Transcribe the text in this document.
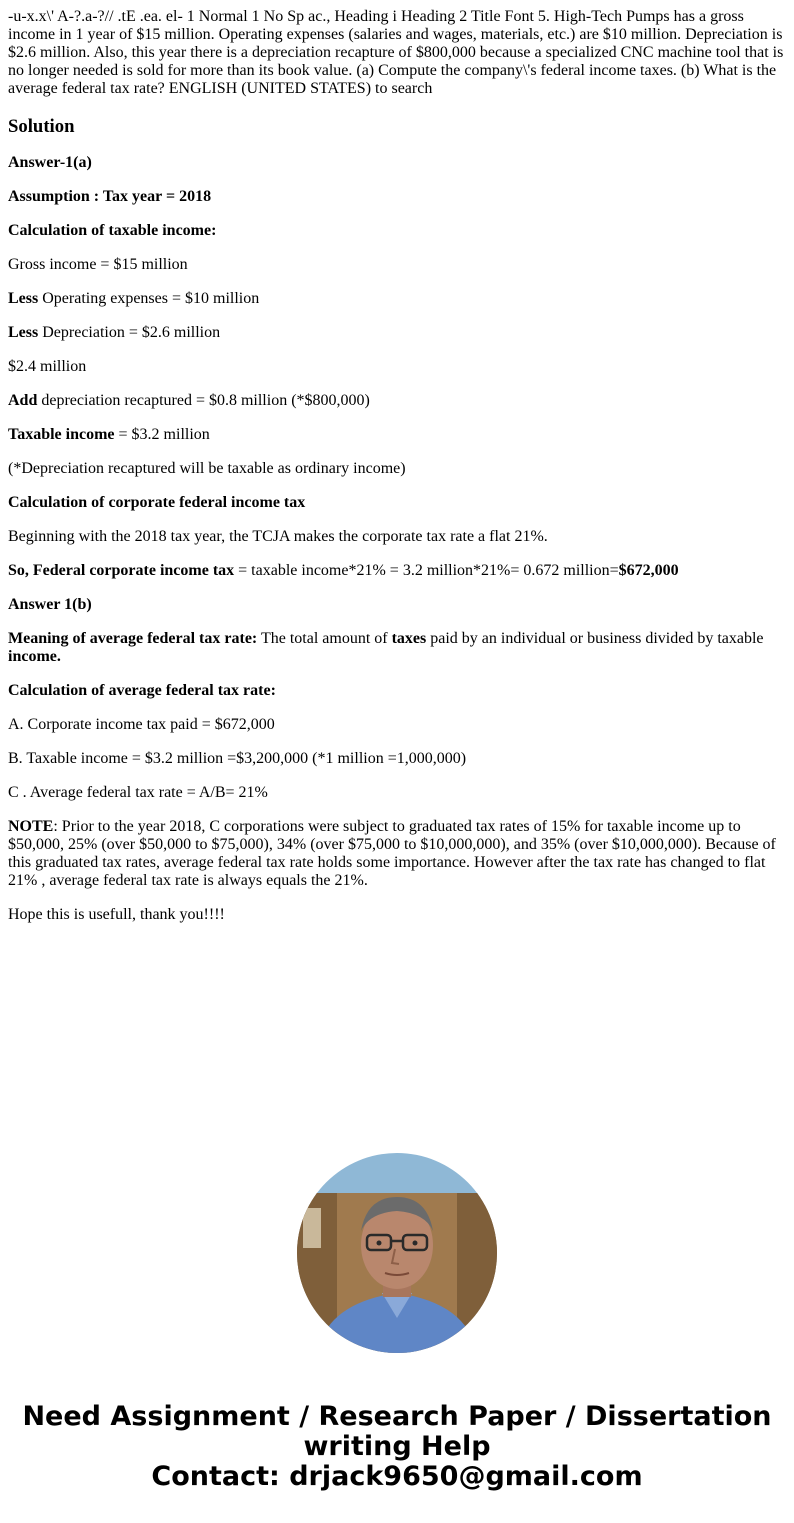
-u-x.x\' A-?.a-?// .tE .ea. el- 1 Normal 1 No Sp ac., Heading i Heading 2 Title Font 5. High-Tech Pumps has a gross income in 1 year of $15 million. Operating expenses (salaries and wages, materials, etc.) are $10 million. Depreciation is $2.6 million. Also, this year there is a depreciation recapture of $800,000 because a specialized CNC machine tool that is no longer needed is sold for more than its book value. (a) Compute the company\'s federal income taxes. (b) What is the average federal tax rate? ENGLISH (UNITED STATES) to search
Solution

Answer-1(a)

Assumption : Tax year = 2018

Calculation of taxable income:

Gross income = $15 million

Less Operating expenses = $10 million

Less Depreciation = $2.6 million

$2.4 million

Add depreciation recaptured = $0.8 million (*$800,000)

Taxable income = $3.2 million

(*Depreciation recaptured will be taxable as ordinary income)

Calculation of corporate federal income tax

Beginning with the 2018 tax year, the TCJA makes the corporate tax rate a flat 21%.

So, Federal corporate income tax = taxable income*21% = 3.2 million*21%= 0.672 million=$672,000

Answer 1(b)

Meaning of average federal tax rate: The total amount of taxes paid by an individual or business divided by taxable income.

Calculation of average federal tax rate:

A. Corporate income tax paid = $672,000

B. Taxable income = $3.2 million =$3,200,000 (*1 million =1,000,000)

C . Average federal tax rate = A/B= 21%

NOTE: Prior to the year 2018, C corporations were subject to graduated tax rates of 15% for taxable income up to $50,000, 25% (over $50,000 to $75,000), 34% (over $75,000 to $10,000,000), and 35% (over $10,000,000). Because of this graduated tax rates, average federal tax rate holds some importance. However after the tax rate has changed to flat 21% , average federal tax rate is always equals the 21%.

Hope this is usefull, thank you!!!!

Need Assignment / Research Paper / Dissertation
writing Help
Contact: drjack9650@gmail.com
